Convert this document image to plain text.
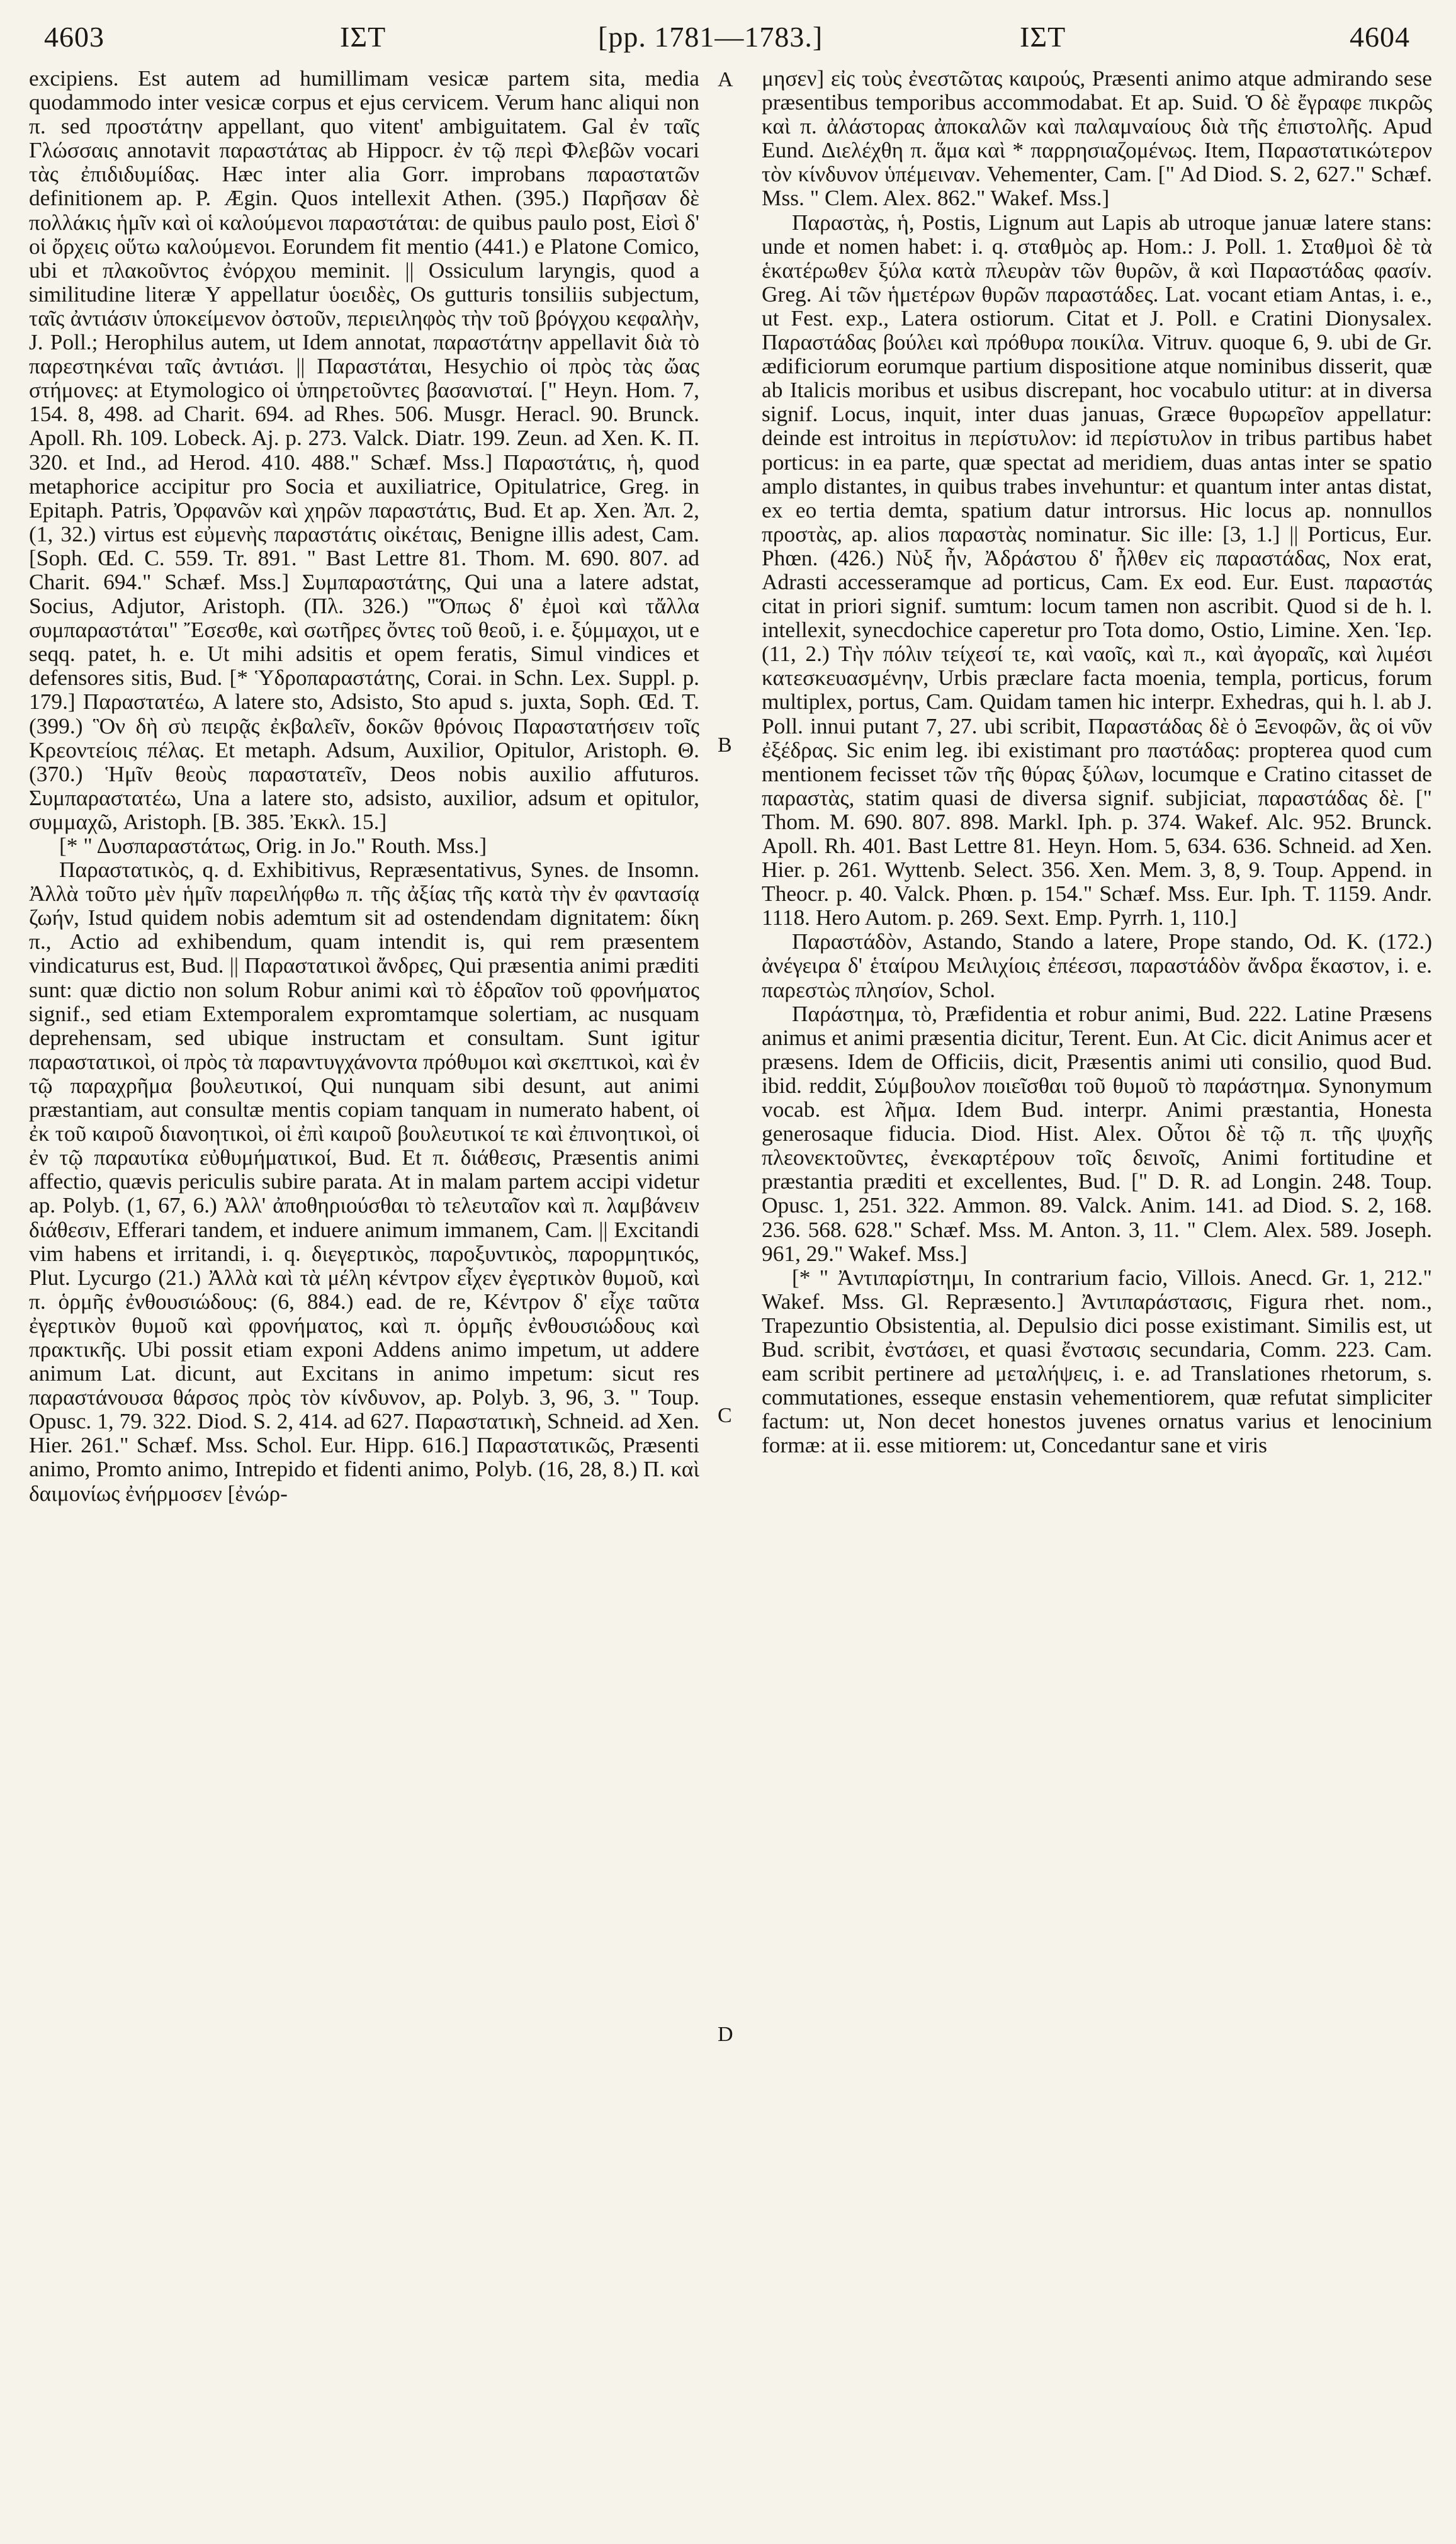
4603	ΙΣΤ	[pp. 1781—1783.]	ΙΣΤ	4604

excipiens. Est autem ad humillimam vesicæ partem sita, media quodammodo inter vesicæ corpus et ejus cervicem. Verum hanc aliqui non π. sed προστάτην appellant, quo vitent' ambiguitatem. Gal ἐν ταῖς Γλώσσαις annotavit παραστάτας ab Hippocr. ἐν τῷ περὶ Φλεβῶν vocari τὰς ἐπιδιδυμίδας. Hæc inter alia Gorr. improbans παραστατῶν definitionem ap. P. Ægin. Quos intellexit Athen. (395.) Παρῆσαν δὲ πολλάκις ἡμῖν καὶ οἱ καλούμενοι παραστάται: de quibus paulo post, Εἰσὶ δ' οἱ ὄρχεις οὕτω καλούμενοι. Eorundem fit mentio (441.) e Platone Comico, ubi et πλακοῦντος ἐνόρχου meminit. || Ossiculum laryngis, quod a similitudine literæ Υ appellatur ὑοειδὲς, Os gutturis tonsiliis subjectum, ταῖς ἀντιάσιν ὑποκείμενον ὀστοῦν, περιειληφὸς τὴν τοῦ βρόγχου κεφαλὴν, J. Poll.; Herophilus autem, ut Idem annotat, παραστάτην appellavit διὰ τὸ παρεστηκέναι ταῖς ἀντιάσι. || Παραστάται, Hesychio οἱ πρὸς τὰς ὤας στήμονες: at Etymologico οἱ ὑπηρετοῦντες βασανισταί. [" Heyn. Hom. 7, 154. 8, 498. ad Charit. 694. ad Rhes. 506. Musgr. Heracl. 90. Brunck. Apoll. Rh. 109. Lobeck. Aj. p. 273. Valck. Diatr. 199. Zeun. ad Xen. K. Π. 320. et Ind., ad Herod. 410. 488." Schæf. Mss.] Παραστάτις, ἡ, quod metaphorice accipitur pro Socia et auxiliatrice, Opitulatrice, Greg. in Epitaph. Patris, Ὀρφανῶν καὶ χηρῶν παραστάτις, Bud. Et ap. Xen. Ἀπ. 2, (1, 32.) virtus est εὐμενὴς παραστάτις οἰκέταις, Benigne illis adest, Cam. [Soph. Œd. C. 559. Tr. 891. " Bast Lettre 81. Thom. M. 690. 807. ad Charit. 694." Schæf. Mss.] Συμπαραστάτης, Qui una a latere adstat, Socius, Adjutor, Aristoph. (Πλ. 326.) "Ὅπως δ' ἐμοὶ καὶ τἄλλα συμπαραστάται" Ἔσεσθε, καὶ σωτῆρες ὄντες τοῦ θεοῦ, i. e. ξύμμαχοι, ut e seqq. patet, h. e. Ut mihi adsitis et opem feratis, Simul vindices et defensores sitis, Bud. [* Ὑδροπαραστάτης, Corai. in Schn. Lex. Suppl. p. 179.] Παραστατέω, A latere sto, Adsisto, Sto apud s. juxta, Soph. Œd. T. (399.) Ὃν δὴ σὺ πειρᾷς ἐκβαλεῖν, δοκῶν θρόνοις Παραστατήσειν τοῖς Κρεοντείοις πέλας. Et metaph. Adsum, Auxilior, Opitulor, Aristoph. Θ. (370.) Ἡμῖν θεοὺς παραστατεῖν, Deos nobis auxilio affuturos. Συμπαραστατέω, Una a latere sto, adsisto, auxilior, adsum et opitulor, συμμαχῶ, Aristoph. [B. 385. Ἐκκλ. 15.]

[* " Δυσπαραστάτως, Orig. in Jo." Routh. Mss.]

Παραστατικὸς, q. d. Exhibitivus, Repræsentativus, Synes. de Insomn. Ἀλλὰ τοῦτο μὲν ἡμῖν παρειλήφθω π. τῆς ἀξίας τῆς κατὰ τὴν ἐν φαντασίᾳ ζωήν, Istud quidem nobis ademtum sit ad ostendendam dignitatem: δίκη π., Actio ad exhibendum, quam intendit is, qui rem præsentem vindicaturus est, Bud. || Παραστατικοὶ ἄνδρες, Qui præsentia animi præditi sunt: quæ dictio non solum Robur animi καὶ τὸ ἑδραῖον τοῦ φρονήματος signif., sed etiam Extemporalem expromtamque solertiam, ac nusquam deprehensam, sed ubique instructam et consultam. Sunt igitur παραστατικοὶ, οἱ πρὸς τὰ παραντυγχάνοντα πρόθυμοι καὶ σκεπτικοὶ, καὶ ἐν τῷ παραχρῆμα βουλευτικοί, Qui nunquam sibi desunt, aut animi præstantiam, aut consultæ mentis copiam tanquam in numerato habent, οἱ ἐκ τοῦ καιροῦ διανοητικοὶ, οἱ ἐπὶ καιροῦ βουλευτικοί τε καὶ ἐπινοητικοὶ, οἱ ἐν τῷ παραυτίκα εὐθυμήματικοί, Bud. Et π. διάθεσις, Præsentis animi affectio, quævis periculis subire parata. At in malam partem accipi videtur ap. Polyb. (1, 67, 6.) Ἀλλ' ἀποθηριούσθαι τὸ τελευταῖον καὶ π. λαμβάνειν διάθεσιν, Efferari tandem, et induere animum immanem, Cam. || Excitandi vim habens et irritandi, i. q. διεγερτικὸς, παροξυντικὸς, παρορμητικός, Plut. Lycurgo (21.) Ἀλλὰ καὶ τὰ μέλη κέντρον εἶχεν ἐγερτικὸν θυμοῦ, καὶ π. ὁρμῆς ἐνθουσιώδους: (6, 884.) ead. de re, Κέντρον δ' εἶχε ταῦτα ἐγερτικὸν θυμοῦ καὶ φρονήματος, καὶ π. ὁρμῆς ἐνθουσιώδους καὶ πρακτικῆς. Ubi possit etiam exponi Addens animo impetum, ut addere animum Lat. dicunt, aut Excitans in animo impetum: sicut res παραστάνουσα θάρσος πρὸς τὸν κίνδυνον, ap. Polyb. 3, 96, 3. " Toup. Opusc. 1, 79. 322. Diod. S. 2, 414. ad 627. Παραστατικὴ, Schneid. ad Xen. Hier. 261." Schæf. Mss. Schol. Eur. Hipp. 616.] Παραστατικῶς, Præsenti animo, Promto animo, Intrepido et fidenti animo, Polyb. (16, 28, 8.) Π. καὶ δαιμονίως ἐνήρμοσεν [ἐνώρ-

A
B
C
D

μησεν] εἰς τοὺς ἐνεστῶτας καιρούς, Præsenti animo atque admirando sese præsentibus temporibus accommodabat. Et ap. Suid. Ὁ δὲ ἔγραφε πικρῶς καὶ π. ἀλάστορας ἀποκαλῶν καὶ παλαμναίους διὰ τῆς ἐπιστολῆς. Apud Eund. Διελέχθη π. ἅμα καὶ * παρρησιαζομένως. Item, Παραστατικώτερον τὸν κίνδυνον ὑπέμειναν. Vehementer, Cam. [" Ad Diod. S. 2, 627." Schæf. Mss. " Clem. Alex. 862." Wakef. Mss.]

Παραστὰς, ἡ, Postis, Lignum aut Lapis ab utroque januæ latere stans: unde et nomen habet: i. q. σταθμὸς ap. Hom.: J. Poll. 1. Σταθμοὶ δὲ τὰ ἑκατέρωθεν ξύλα κατὰ πλευρὰν τῶν θυρῶν, ἃ καὶ Παραστάδας φασίν. Greg. Αἱ τῶν ἡμετέρων θυρῶν παραστάδες. Lat. vocant etiam Antas, i. e., ut Fest. exp., Latera ostiorum. Citat et J. Poll. e Cratini Dionysalex. Παραστάδας βούλει καὶ πρόθυρα ποικίλα. Vitruv. quoque 6, 9. ubi de Gr. ædificiorum eorumque partium dispositione atque nominibus disserit, quæ ab Italicis moribus et usibus discrepant, hoc vocabulo utitur: at in diversa signif. Locus, inquit, inter duas januas, Græce θυρωρεῖον appellatur: deinde est introitus in περίστυλον: id περίστυλον in tribus partibus habet porticus: in ea parte, quæ spectat ad meridiem, duas antas inter se spatio amplo distantes, in quibus trabes invehuntur: et quantum inter antas distat, ex eo tertia demta, spatium datur introrsus. Hic locus ap. nonnullos προστὰς, ap. alios παραστὰς nominatur. Sic ille: [3, 1.] || Porticus, Eur. Phœn. (426.) Νὺξ ἦν, Ἀδράστου δ' ἦλθεν εἰς παραστάδας, Nox erat, Adrasti accesseramque ad porticus, Cam. Ex eod. Eur. Eust. παραστάς citat in priori signif. sumtum: locum tamen non ascribit. Quod si de h. l. intellexit, synecdochice caperetur pro Tota domo, Ostio, Limine. Xen. Ἱερ. (11, 2.) Τὴν πόλιν τείχεσί τε, καὶ ναοῖς, καὶ π., καὶ ἀγοραῖς, καὶ λιμέσι κατεσκευασμένην, Urbis præclare facta moenia, templa, porticus, forum multiplex, portus, Cam. Quidam tamen hic interpr. Exhedras, qui h. l. ab J. Poll. innui putant 7, 27. ubi scribit, Παραστάδας δὲ ὁ Ξενοφῶν, ἃς οἱ νῦν ἐξέδρας. Sic enim leg. ibi existimant pro παστάδας: propterea quod cum mentionem fecisset τῶν τῆς θύρας ξύλων, locumque e Cratino citasset de παραστὰς, statim quasi de diversa signif. subjiciat, παραστάδας δὲ. [" Thom. M. 690. 807. 898. Markl. Iph. p. 374. Wakef. Alc. 952. Brunck. Apoll. Rh. 401. Bast Lettre 81. Heyn. Hom. 5, 634. 636. Schneid. ad Xen. Hier. p. 261. Wyttenb. Select. 356. Xen. Mem. 3, 8, 9. Toup. Append. in Theocr. p. 40. Valck. Phœn. p. 154." Schæf. Mss. Eur. Iph. T. 1159. Andr. 1118. Hero Autom. p. 269. Sext. Emp. Pyrrh. 1, 110.]

Παραστάδὸν, Astando, Stando a latere, Prope stando, Od. K. (172.) ἀνέγειρα δ' ἑταίρου Μειλιχίοις ἐπέεσσι, παραστάδὸν ἄνδρα ἕκαστον, i. e. παρεστὼς πλησίον, Schol.

Παράστημα, τὸ, Præfidentia et robur animi, Bud. 222. Latine Præsens animus et animi præsentia dicitur, Terent. Eun. At Cic. dicit Animus acer et præsens. Idem de Officiis, dicit, Præsentis animi uti consilio, quod Bud. ibid. reddit, Σύμβουλον ποιεῖσθαι τοῦ θυμοῦ τὸ παράστημα. Synonymum vocab. est λῆμα. Idem Bud. interpr. Animi præstantia, Honesta generosaque fiducia. Diod. Hist. Alex. Οὗτοι δὲ τῷ π. τῆς ψυχῆς πλεονεκτοῦντες, ἐνεκαρτέρουν τοῖς δεινοῖς, Animi fortitudine et præstantia præditi et excellentes, Bud. [" D. R. ad Longin. 248. Toup. Opusc. 1, 251. 322. Ammon. 89. Valck. Anim. 141. ad Diod. S. 2, 168. 236. 568. 628." Schæf. Mss. M. Anton. 3, 11. " Clem. Alex. 589. Joseph. 961, 29." Wakef. Mss.]

[* " Ἀντιπαρίστημι, In contrarium facio, Villois. Anecd. Gr. 1, 212." Wakef. Mss. Gl. Repræsento.] Ἀντιπαράστασις, Figura rhet. nom., Trapezuntio Obsistentia, al. Depulsio dici posse existimant. Similis est, ut Bud. scribit, ἐνστάσει, et quasi ἔνστασις secundaria, Comm. 223. Cam. eam scribit pertinere ad μεταλήψεις, i. e. ad Translationes rhetorum, s. commutationes, esseque enstasin vehementiorem, quæ refutat simpliciter factum: ut, Non decet honestos juvenes ornatus varius et lenocinium formæ: at ii. esse mitiorem: ut, Concedantur sane et viris
